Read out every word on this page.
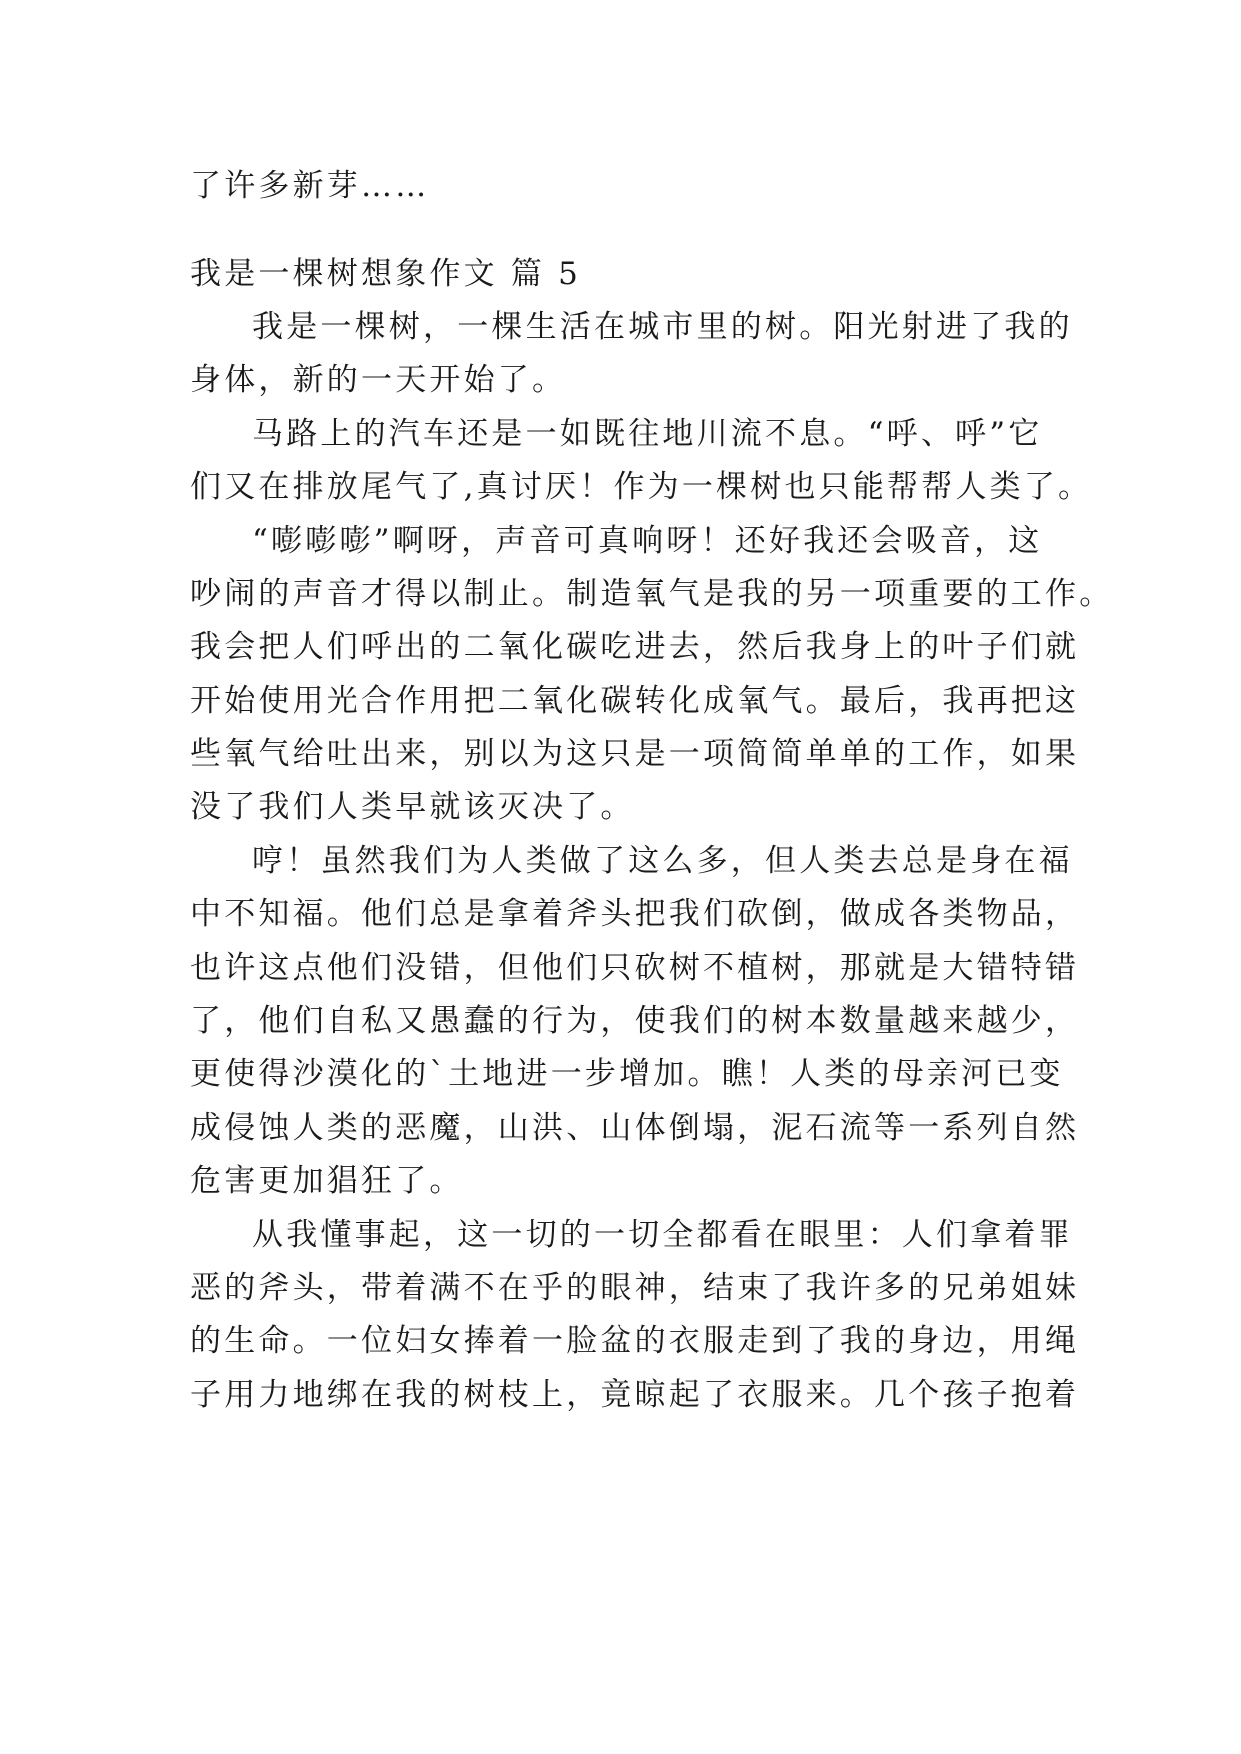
了许多新芽……

我是一棵树想象作文 篇 5

我是一棵树，一棵生活在城市里的树。阳光射进了我的

身体，新的一天开始了。

马路上的汽车还是一如既往地川流不息。“呼、呼”它

们又在排放尾气了,真讨厌！作为一棵树也只能帮帮人类了。

“嘭嘭嘭”啊呀，声音可真响呀！还好我还会吸音，这

吵闹的声音才得以制止。制造氧气是我的另一项重要的工作。

我会把人们呼出的二氧化碳吃进去，然后我身上的叶子们就

开始使用光合作用把二氧化碳转化成氧气。最后，我再把这

些氧气给吐出来，别以为这只是一项简简单单的工作，如果

没了我们人类早就该灭决了。

哼！虽然我们为人类做了这么多，但人类去总是身在福

中不知福。他们总是拿着斧头把我们砍倒，做成各类物品，

也许这点他们没错，但他们只砍树不植树，那就是大错特错

了，他们自私又愚蠢的行为，使我们的树本数量越来越少，

更使得沙漠化的`土地进一步增加。瞧！人类的母亲河已变

成侵蚀人类的恶魔，山洪、山体倒塌，泥石流等一系列自然

危害更加猖狂了。

从我懂事起，这一切的一切全都看在眼里：人们拿着罪

恶的斧头，带着满不在乎的眼神，结束了我许多的兄弟姐妹

的生命。一位妇女捧着一脸盆的衣服走到了我的身边，用绳

子用力地绑在我的树枝上，竟晾起了衣服来。几个孩子抱着
